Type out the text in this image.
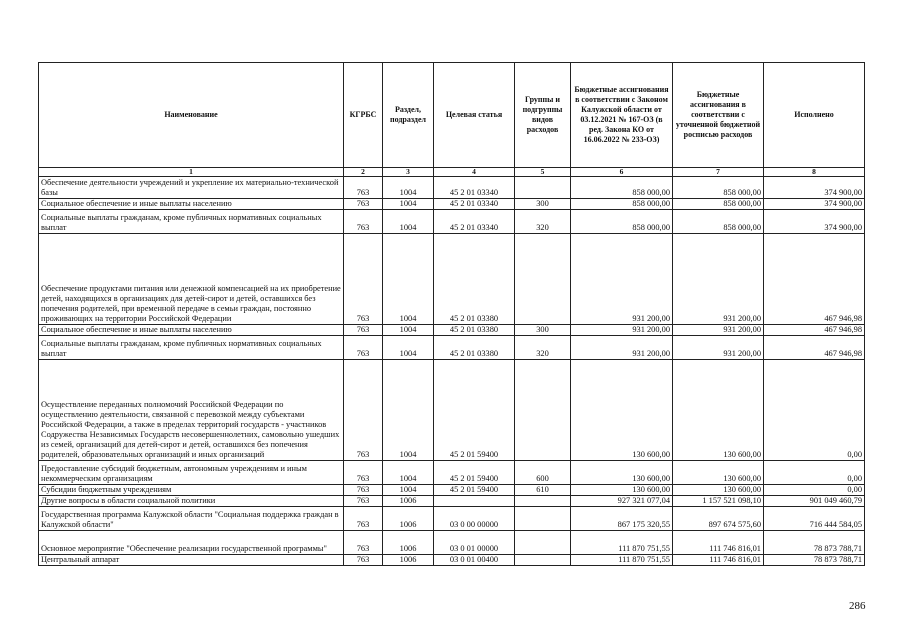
Наименование	КГРБС	Раздел, подраздел	Целевая статья	Группы и подгруппы видов расходов	Бюджетные ассигнования в соответствии с Законом Калужской области от 03.12.2021 № 167-ОЗ (в ред. Закона КО от 16.06.2022 № 233-ОЗ)	Бюджетные ассигнования в соответствии с уточненной бюджетной росписью расходов	Исполнено
1	2	3	4	5	6	7	8
Обеспечение деятельности учреждений и укрепление их материально-технической базы	763	1004	45 2 01 03340		858 000,00	858 000,00	374 900,00
Социальное обеспечение и иные выплаты населению	763	1004	45 2 01 03340	300	858 000,00	858 000,00	374 900,00
Социальные выплаты гражданам, кроме публичных нормативных социальных выплат	763	1004	45 2 01 03340	320	858 000,00	858 000,00	374 900,00
Обеспечение продуктами питания или денежной компенсацией на их приобретение детей, находящихся в организациях для детей-сирот и детей, оставшихся без попечения родителей, при временной передаче в семьи граждан, постоянно проживающих на территории Российской Федерации	763	1004	45 2 01 03380		931 200,00	931 200,00	467 946,98
Социальное обеспечение и иные выплаты населению	763	1004	45 2 01 03380	300	931 200,00	931 200,00	467 946,98
Социальные выплаты гражданам, кроме публичных нормативных социальных выплат	763	1004	45 2 01 03380	320	931 200,00	931 200,00	467 946,98
Осуществление переданных полномочий Российской Федерации по осуществлению деятельности, связанной с перевозкой между субъектами Российской Федерации, а также в пределах территорий государств - участников Содружества Независимых Государств несовершеннолетних, самовольно ушедших из семей, организаций для детей-сирот и детей, оставшихся без попечения родителей, образовательных организаций и иных организаций	763	1004	45 2 01 59400		130 600,00	130 600,00	0,00
Предоставление субсидий бюджетным, автономным учреждениям и иным некоммерческим организациям	763	1004	45 2 01 59400	600	130 600,00	130 600,00	0,00
Субсидии бюджетным учреждениям	763	1004	45 2 01 59400	610	130 600,00	130 600,00	0,00
Другие вопросы в области социальной политики	763	1006			927 321 077,04	1 157 521 098,10	901 049 460,79
Государственная программа Калужской области "Социальная поддержка граждан в Калужской области"	763	1006	03 0 00 00000		867 175 320,55	897 674 575,60	716 444 584,05
Основное мероприятие "Обеспечение реализации государственной программы"	763	1006	03 0 01 00000		111 870 751,55	111 746 816,01	78 873 788,71
Центральный аппарат	763	1006	03 0 01 00400		111 870 751,55	111 746 816,01	78 873 788,71
286
